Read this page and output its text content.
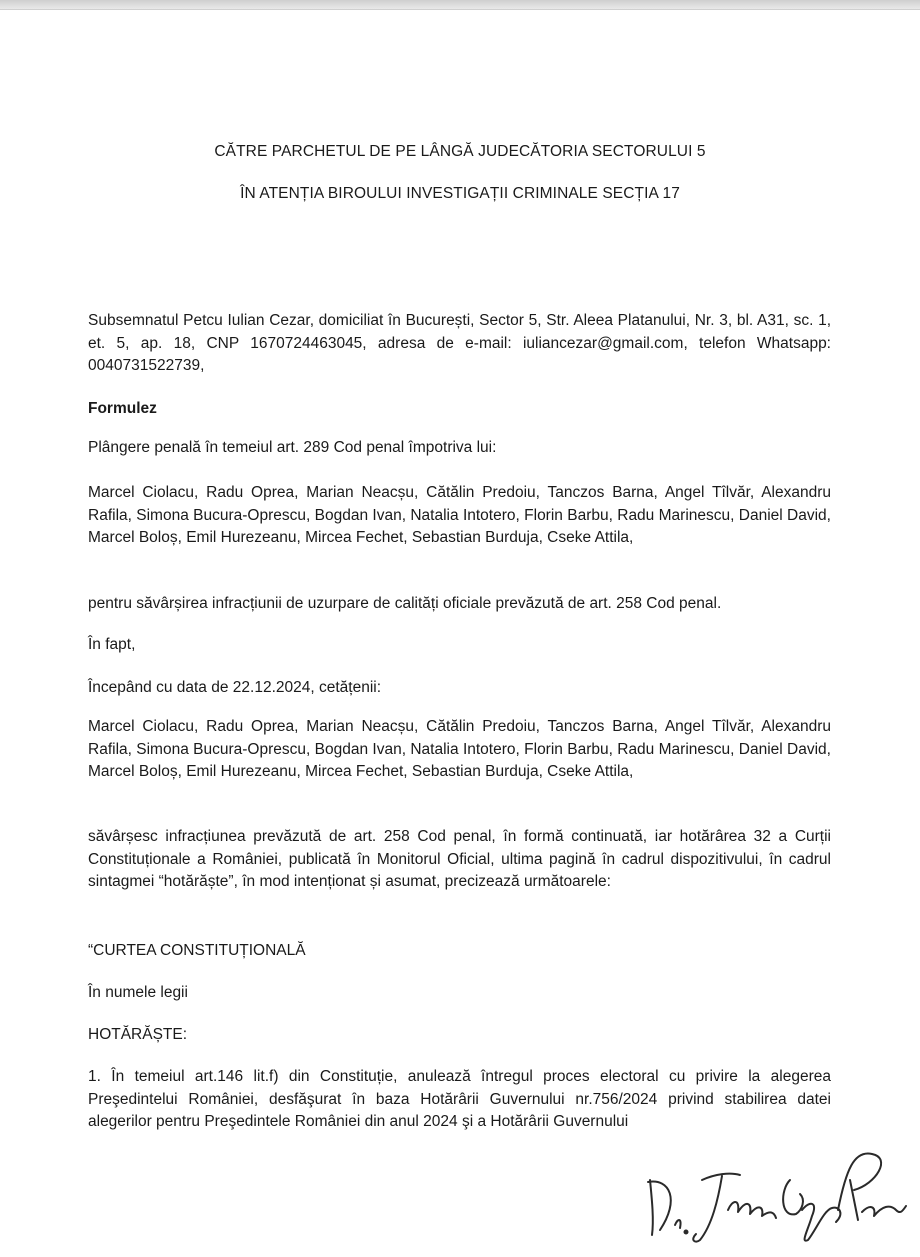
CĂTRE PARCHETUL DE PE LÂNGĂ JUDECĂTORIA SECTORULUI 5
ÎN ATENȚIA BIROULUI INVESTIGAȚII CRIMINALE SECȚIA 17
Subsemnatul Petcu Iulian Cezar, domiciliat în București, Sector 5, Str. Aleea Platanului, Nr. 3, bl. A31, sc. 1, et. 5, ap. 18, CNP 1670724463045, adresa de e-mail: iuliancezar@gmail.com, telefon Whatsapp: 0040731522739,
Formulez
Plângere penală în temeiul art. 289 Cod penal împotriva lui:
Marcel Ciolacu, Radu Oprea, Marian Neacșu, Cătălin Predoiu, Tanczos Barna, Angel Tîlvăr, Alexandru Rafila, Simona Bucura-Oprescu, Bogdan Ivan, Natalia Intotero, Florin Barbu, Radu Marinescu, Daniel David, Marcel Boloș, Emil Hurezeanu, Mircea Fechet, Sebastian Burduja, Cseke Attila,
pentru săvârșirea infracțiunii de uzurpare de calități oficiale prevăzută de art. 258 Cod penal.
În fapt,
Începând cu data de 22.12.2024, cetățenii:
Marcel Ciolacu, Radu Oprea, Marian Neacșu, Cătălin Predoiu, Tanczos Barna, Angel Tîlvăr, Alexandru Rafila, Simona Bucura-Oprescu, Bogdan Ivan, Natalia Intotero, Florin Barbu, Radu Marinescu, Daniel David, Marcel Boloș, Emil Hurezeanu, Mircea Fechet, Sebastian Burduja, Cseke Attila,
săvârșesc infracțiunea prevăzută de art. 258 Cod penal, în formă continuată, iar hotărârea 32 a Curții Constituționale a României, publicată în Monitorul Oficial, ultima pagină în cadrul dispozitivului, în cadrul sintagmei “hotărăște”, în mod intenționat și asumat, precizează următoarele:
“CURTEA CONSTITUȚIONALĂ
În numele legii
HOTĂRĂȘTE:
1. În temeiul art.146 lit.f) din Constituție, anulează întregul proces electoral cu privire la alegerea Preşedintelui României, desfăşurat în baza Hotărârii Guvernului nr.756/2024 privind stabilirea datei alegerilor pentru Preşedintele României din anul 2024 şi a Hotărârii Guvernului
